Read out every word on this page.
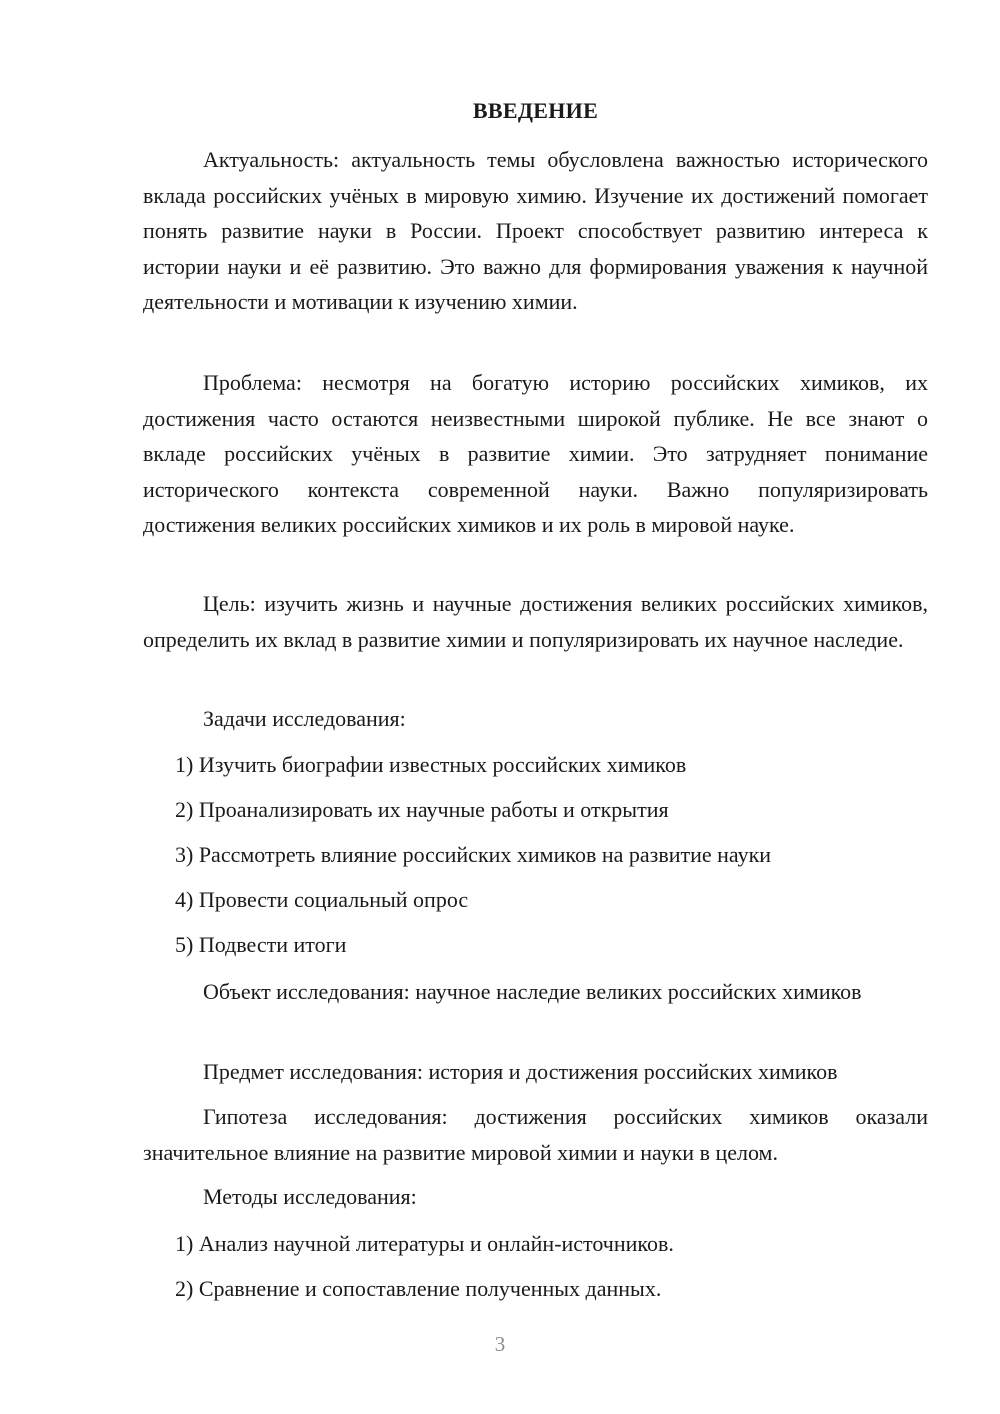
ВВЕДЕНИЕ

Актуальность: актуальность темы обусловлена важностью исторического вклада российских учёных в мировую химию. Изучение их достижений помогает понять развитие науки в России. Проект способствует развитию интереса к истории науки и её развитию. Это важно для формирования уважения к научной деятельности и мотивации к изучению химии.

Проблема: несмотря на богатую историю российских химиков, их достижения часто остаются неизвестными широкой публике. Не все знают о вкладе российских учёных в развитие химии. Это затрудняет понимание исторического контекста современной науки. Важно популяризировать достижения великих российских химиков и их роль в мировой науке.

Цель: изучить жизнь и научные достижения великих российских химиков, определить их вклад в развитие химии и популяризировать их научное наследие.

Задачи исследования:

1) Изучить биографии известных российских химиков

2) Проанализировать их научные работы и открытия

3) Рассмотреть влияние российских химиков на развитие науки

4) Провести социальный опрос

5) Подвести итоги

Объект исследования: научное наследие великих российских химиков

Предмет исследования: история и достижения российских химиков

Гипотеза исследования: достижения российских химиков оказали значительное влияние на развитие мировой химии и науки в целом.

Методы исследования:

1) Анализ научной литературы и онлайн-источников.

2) Сравнение и сопоставление полученных данных.

3
